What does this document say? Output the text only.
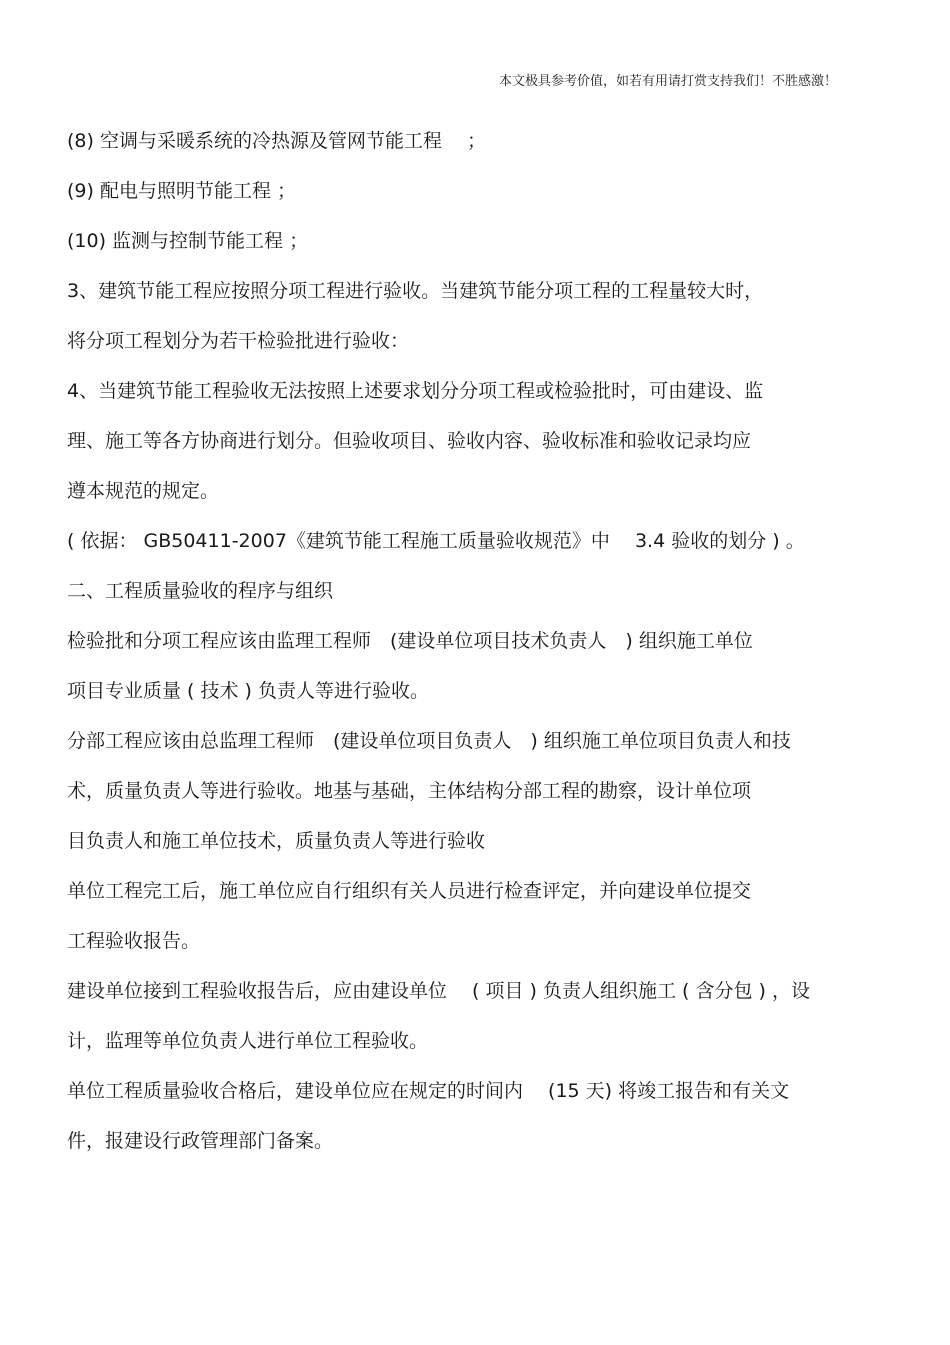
本文极具参考价值，如若有用请打赏支持我们！不胜感激！
(8) 空调与采暖系统的冷热源及管网节能工程　 ；
(9) 配电与照明节能工程 ；
(10) 监测与控制节能工程 ；
3、建筑节能工程应按照分项工程进行验收。当建筑节能分项工程的工程量较大时，
将分项工程划分为若干检验批进行验收：
4、当建筑节能工程验收无法按照上述要求划分分项工程或检验批时，可由建设、监
理、施工等各方协商进行划分。但验收项目、验收内容、验收标准和验收记录均应
遵本规范的规定。
( 依据： GB50411-2007《建筑节能工程施工质量验收规范》中　 3.4 验收的划分 ) 。
二、工程质量验收的程序与组织
检验批和分项工程应该由监理工程师　(建设单位项目技术负责人　) 组织施工单位
项目专业质量 ( 技术 ) 负责人等进行验收。
分部工程应该由总监理工程师　(建设单位项目负责人　) 组织施工单位项目负责人和技
术，质量负责人等进行验收。地基与基础，主体结构分部工程的勘察，设计单位项
目负责人和施工单位技术，质量负责人等进行验收
单位工程完工后，施工单位应自行组织有关人员进行检查评定，并向建设单位提交
工程验收报告。
建设单位接到工程验收报告后，应由建设单位　 ( 项目 ) 负责人组织施工 ( 含分包 ) ，设
计，监理等单位负责人进行单位工程验收。
单位工程质量验收合格后，建设单位应在规定的时间内　 (15 天) 将竣工报告和有关文
件，报建设行政管理部门备案。
